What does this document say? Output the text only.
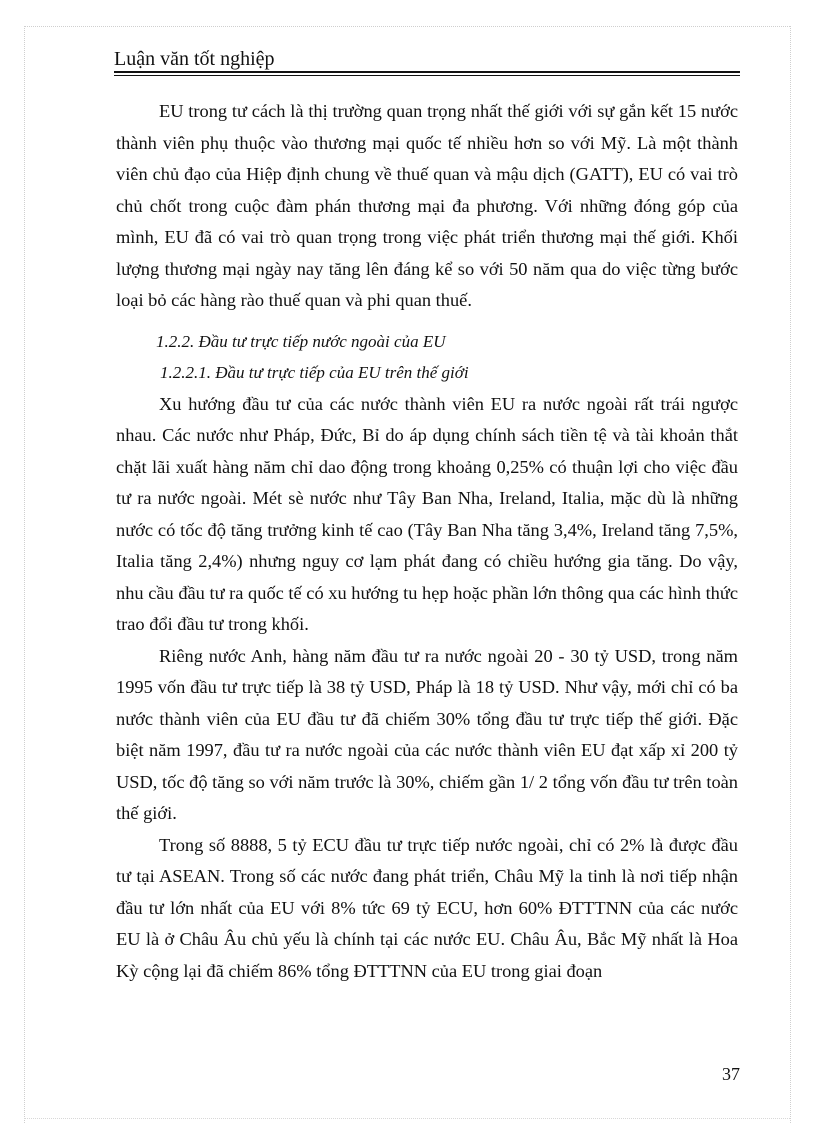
Luận văn tốt nghiệp

EU trong tư cách là thị trường quan trọng nhất thế giới với sự gắn kết 15 nước thành viên phụ thuộc vào thương mại quốc tế nhiều hơn so với Mỹ. Là một thành viên chủ đạo của Hiệp định chung về thuế quan và mậu dịch (GATT), EU có vai trò chủ chốt trong cuộc đàm phán thương mại đa phương. Với những đóng góp của mình, EU đã có vai trò quan trọng trong việc phát triển thương mại thế giới. Khối lượng thương mại ngày nay tăng lên đáng kể so với 50 năm qua do việc từng bước loại bỏ các hàng rào thuế quan và phi quan thuế.

1.2.2. Đầu tư trực tiếp nước ngoài của EU

1.2.2.1. Đầu tư trực tiếp của EU trên thế giới

Xu hướng đầu tư của các nước thành viên EU ra nước ngoài rất trái ngược nhau. Các nước như Pháp, Đức, Bỉ do áp dụng chính sách tiền tệ và tài khoản thắt chặt lãi xuất hàng năm chỉ dao động trong khoảng 0,25% có thuận lợi cho việc đầu tư ra nước ngoài. Mét sè nước như Tây Ban Nha, Ireland, Italia, mặc dù là những nước có tốc độ tăng trưởng kinh tế cao (Tây Ban Nha tăng 3,4%, Ireland tăng 7,5%, Italia tăng 2,4%) nhưng nguy cơ lạm phát đang có chiều hướng gia tăng. Do vậy, nhu cầu đầu tư ra quốc tế có xu hướng tu hẹp hoặc phần lớn thông qua các hình thức trao đổi đầu tư trong khối.

Riêng nước Anh, hàng năm đầu tư ra nước ngoài 20 - 30 tỷ USD, trong năm 1995 vốn đầu tư trực tiếp là 38 tỷ USD, Pháp là 18 tỷ USD. Như vậy, mới chỉ có ba nước thành viên của EU đầu tư đã chiếm 30% tổng đầu tư trực tiếp thế giới. Đặc biệt năm 1997, đầu tư ra nước ngoài của các nước thành viên EU đạt xấp xỉ 200 tỷ USD, tốc độ tăng so với năm trước là 30%, chiếm gần 1/ 2 tổng vốn đầu tư trên toàn thế giới.

Trong số 8888, 5 tỷ ECU đầu tư trực tiếp nước ngoài, chỉ có 2% là được đầu tư tại ASEAN. Trong số các nước đang phát triển, Châu Mỹ la tinh là nơi tiếp nhận đầu tư lớn nhất của EU với 8% tức 69 tỷ ECU, hơn 60% ĐTTTNN của các nước EU là ở Châu Âu chủ yếu là chính tại các nước EU. Châu Âu, Bắc Mỹ nhất là Hoa Kỳ cộng lại đã chiếm 86% tổng ĐTTTNN của EU trong giai đoạn

37
